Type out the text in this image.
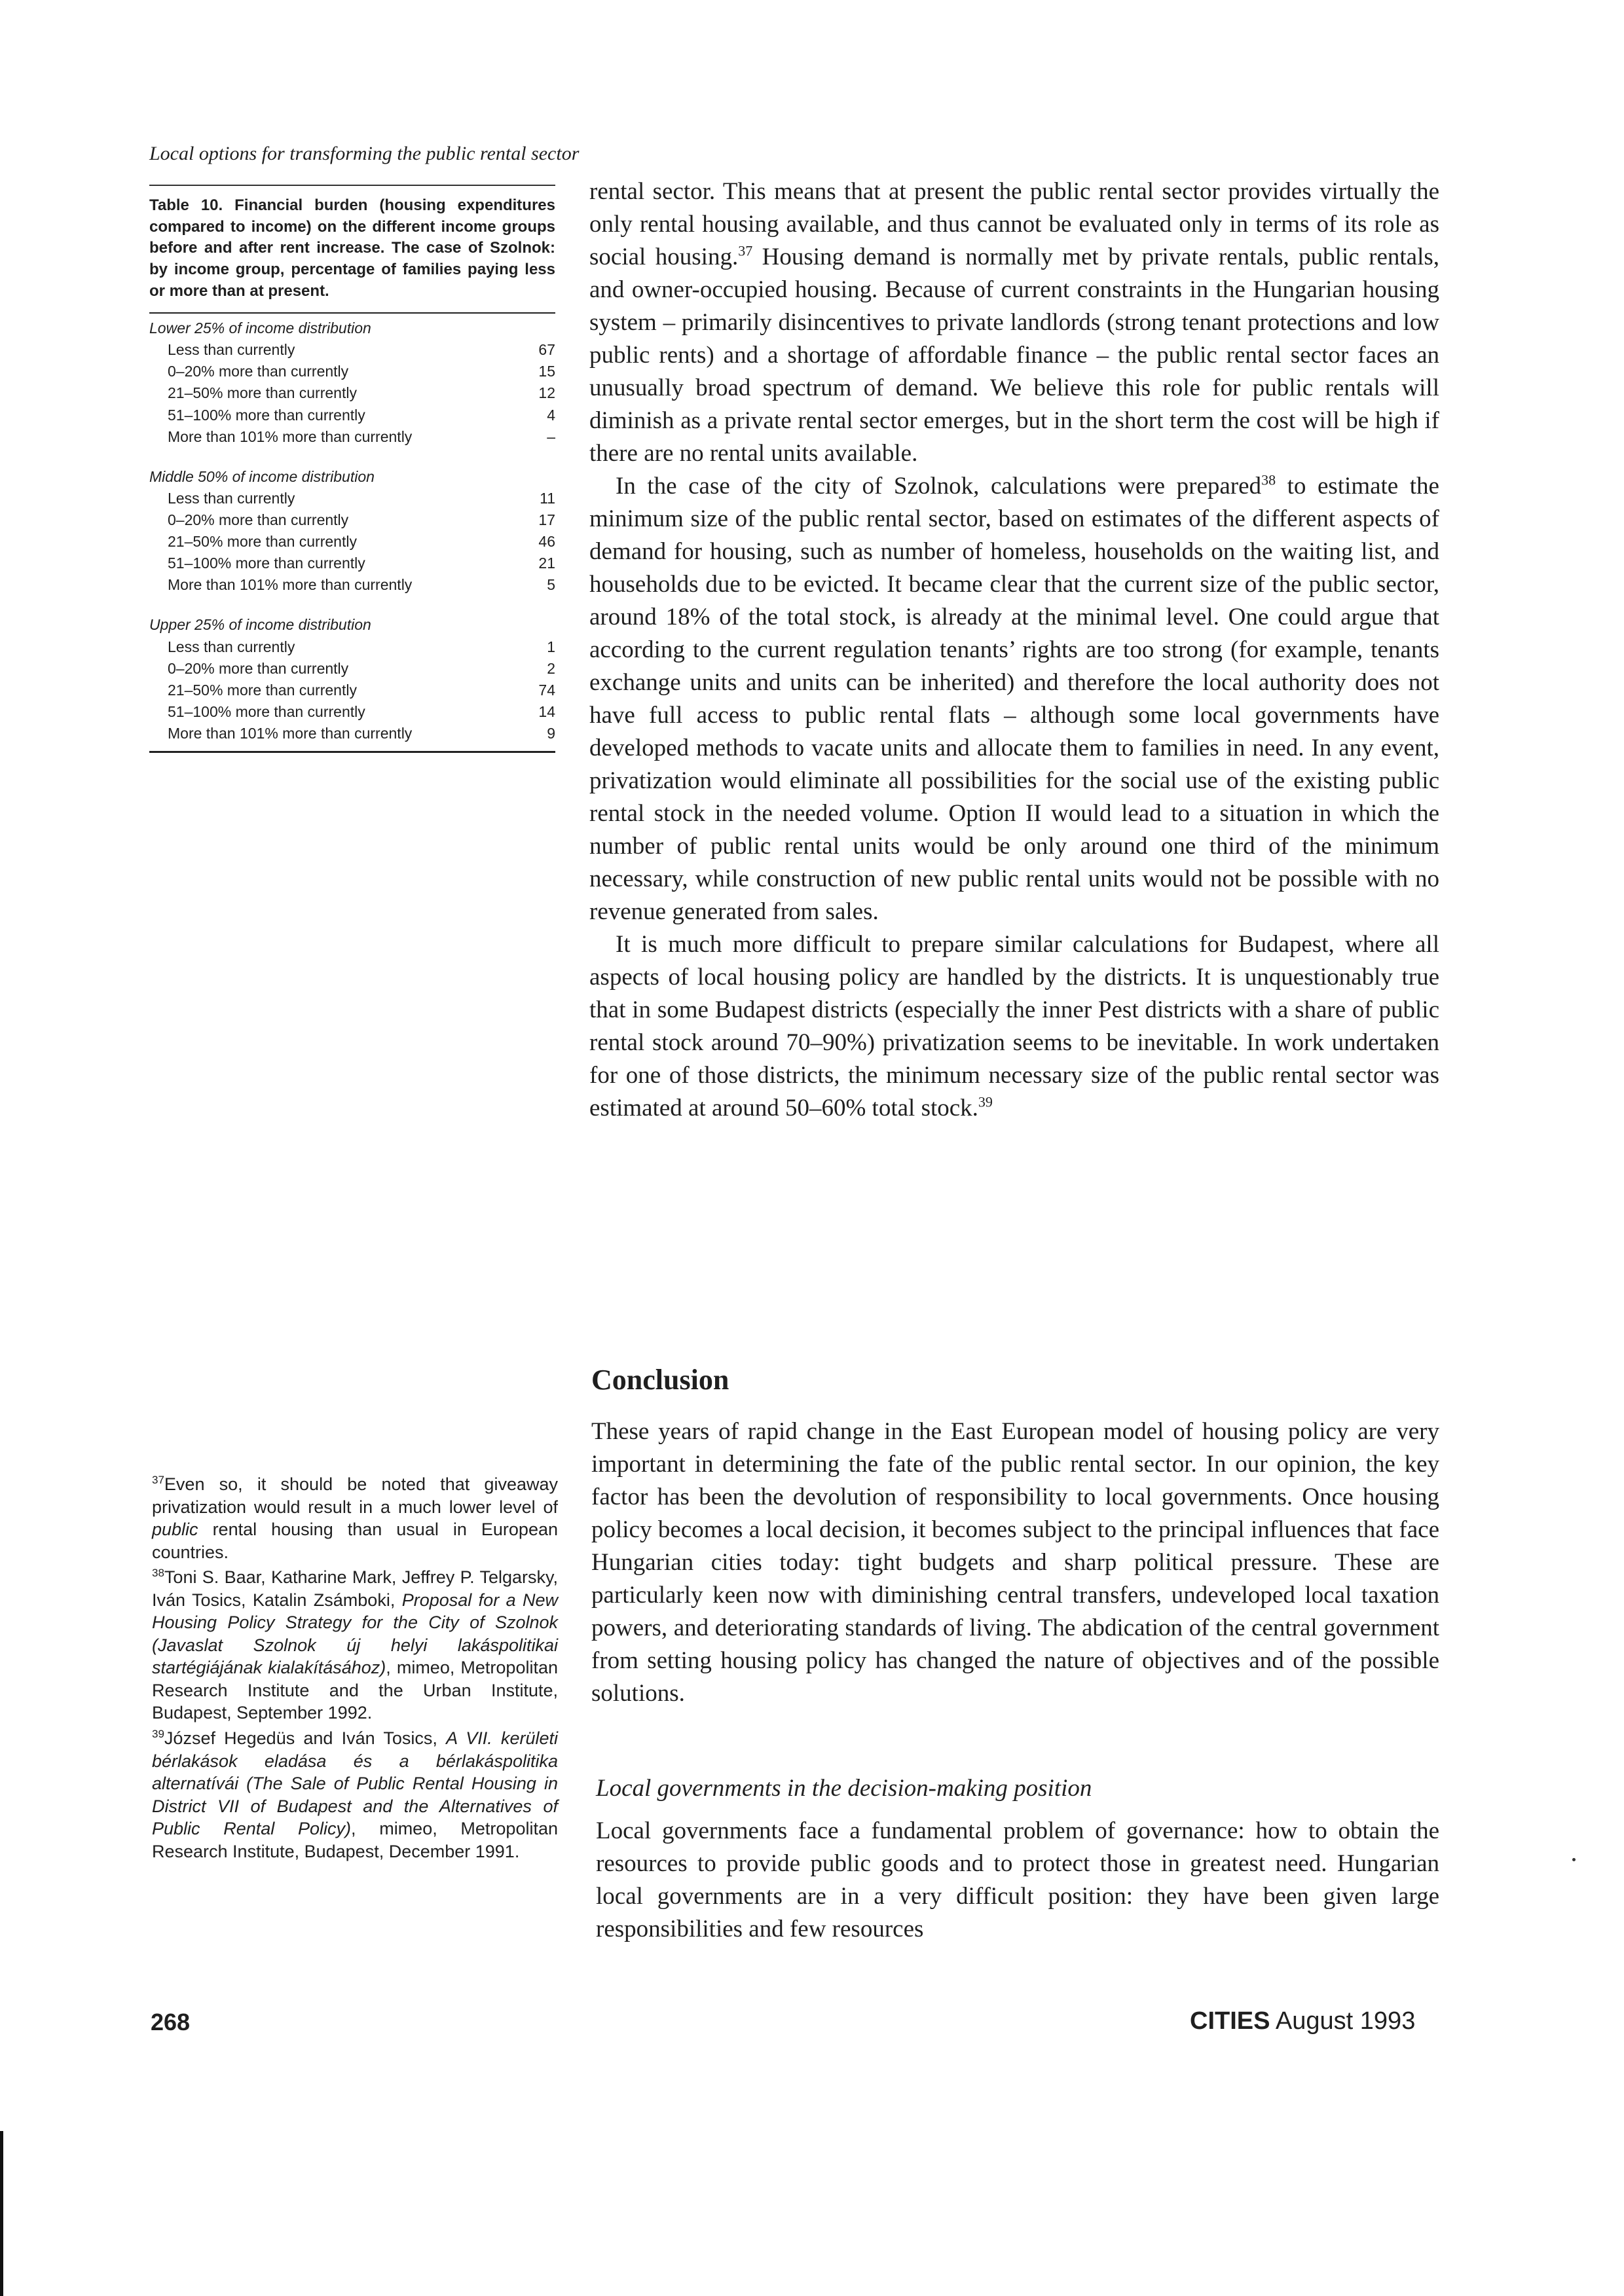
Local options for transforming the public rental sector

Table 10. Financial burden (housing expenditures compared to income) on the different income groups before and after rent increase. The case of Szolnok: by income group, percentage of families paying less or more than at present.

Lower 25% of income distribution
Less than currently	67
0–20% more than currently	15
21–50% more than currently	12
51–100% more than currently	4
More than 101% more than currently	–
Middle 50% of income distribution
Less than currently	11
0–20% more than currently	17
21–50% more than currently	46
51–100% more than currently	21
More than 101% more than currently	5
Upper 25% of income distribution
Less than currently	1
0–20% more than currently	2
21–50% more than currently	74
51–100% more than currently	14
More than 101% more than currently	9

rental sector. This means that at present the public rental sector provides virtually the only rental housing available, and thus cannot be evaluated only in terms of its role as social housing.$^{37}$ Housing demand is normally met by private rentals, public rentals, and owner-occupied housing. Because of current constraints in the Hungarian housing system – primarily disincentives to private landlords (strong tenant protections and low public rents) and a shortage of affordable finance – the public rental sector faces an unusually broad spectrum of demand. We believe this role for public rentals will diminish as a private rental sector emerges, but in the short term the cost will be high if there are no rental units available.

In the case of the city of Szolnok, calculations were prepared$^{38}$ to estimate the minimum size of the public rental sector, based on estimates of the different aspects of demand for housing, such as number of homeless, households on the waiting list, and households due to be evicted. It became clear that the current size of the public sector, around 18% of the total stock, is already at the minimal level. One could argue that according to the current regulation tenants’ rights are too strong (for example, tenants exchange units and units can be inherited) and therefore the local authority does not have full access to public rental flats – although some local governments have developed methods to vacate units and allocate them to families in need. In any event, privatization would eliminate all possibilities for the social use of the existing public rental stock in the needed volume. Option II would lead to a situation in which the number of public rental units would be only around one third of the minimum necessary, while construction of new public rental units would not be possible with no revenue generated from sales.

It is much more difficult to prepare similar calculations for Budapest, where all aspects of local housing policy are handled by the districts. It is unquestionably true that in some Budapest districts (especially the inner Pest districts with a share of public rental stock around 70–90%) privatization seems to be inevitable. In work undertaken for one of those districts, the minimum necessary size of the public rental sector was estimated at around 50–60% total stock.$^{39}$

Conclusion
These years of rapid change in the East European model of housing policy are very important in determining the fate of the public rental sector. In our opinion, the key factor has been the devolution of responsibility to local governments. Once housing policy becomes a local decision, it becomes subject to the principal influences that face Hungarian cities today: tight budgets and sharp political pressure. These are particularly keen now with diminishing central transfers, undeveloped local taxation powers, and deteriorating standards of living. The abdication of the central government from setting housing policy has changed the nature of objectives and of the possible solutions.
Local governments in the decision-making position
Local governments face a fundamental problem of governance: how to obtain the resources to provide public goods and to protect those in greatest need. Hungarian local governments are in a very difficult position: they have been given large responsibilities and few resources

$^{37}$Even so, it should be noted that giveaway privatization would result in a much lower level of public rental housing than usual in European countries.

$^{38}$Toni S. Baar, Katharine Mark, Jeffrey P. Telgarsky, Iván Tosics, Katalin Zsámboki, Proposal for a New Housing Policy Strategy for the City of Szolnok (Javaslat Szolnok új helyi lakáspolitikai startégiájának kialakításához), mimeo, Metropolitan Research Institute and the Urban Institute, Budapest, September 1992.

$^{39}$József Hegedüs and Iván Tosics, A VII. kerületi bérlakások eladása és a bérlakáspolitika alternatívái (The Sale of Public Rental Housing in District VII of Budapest and the Alternatives of Public Rental Policy), mimeo, Metropolitan Research Institute, Budapest, December 1991.

268	CITIES August 1993
